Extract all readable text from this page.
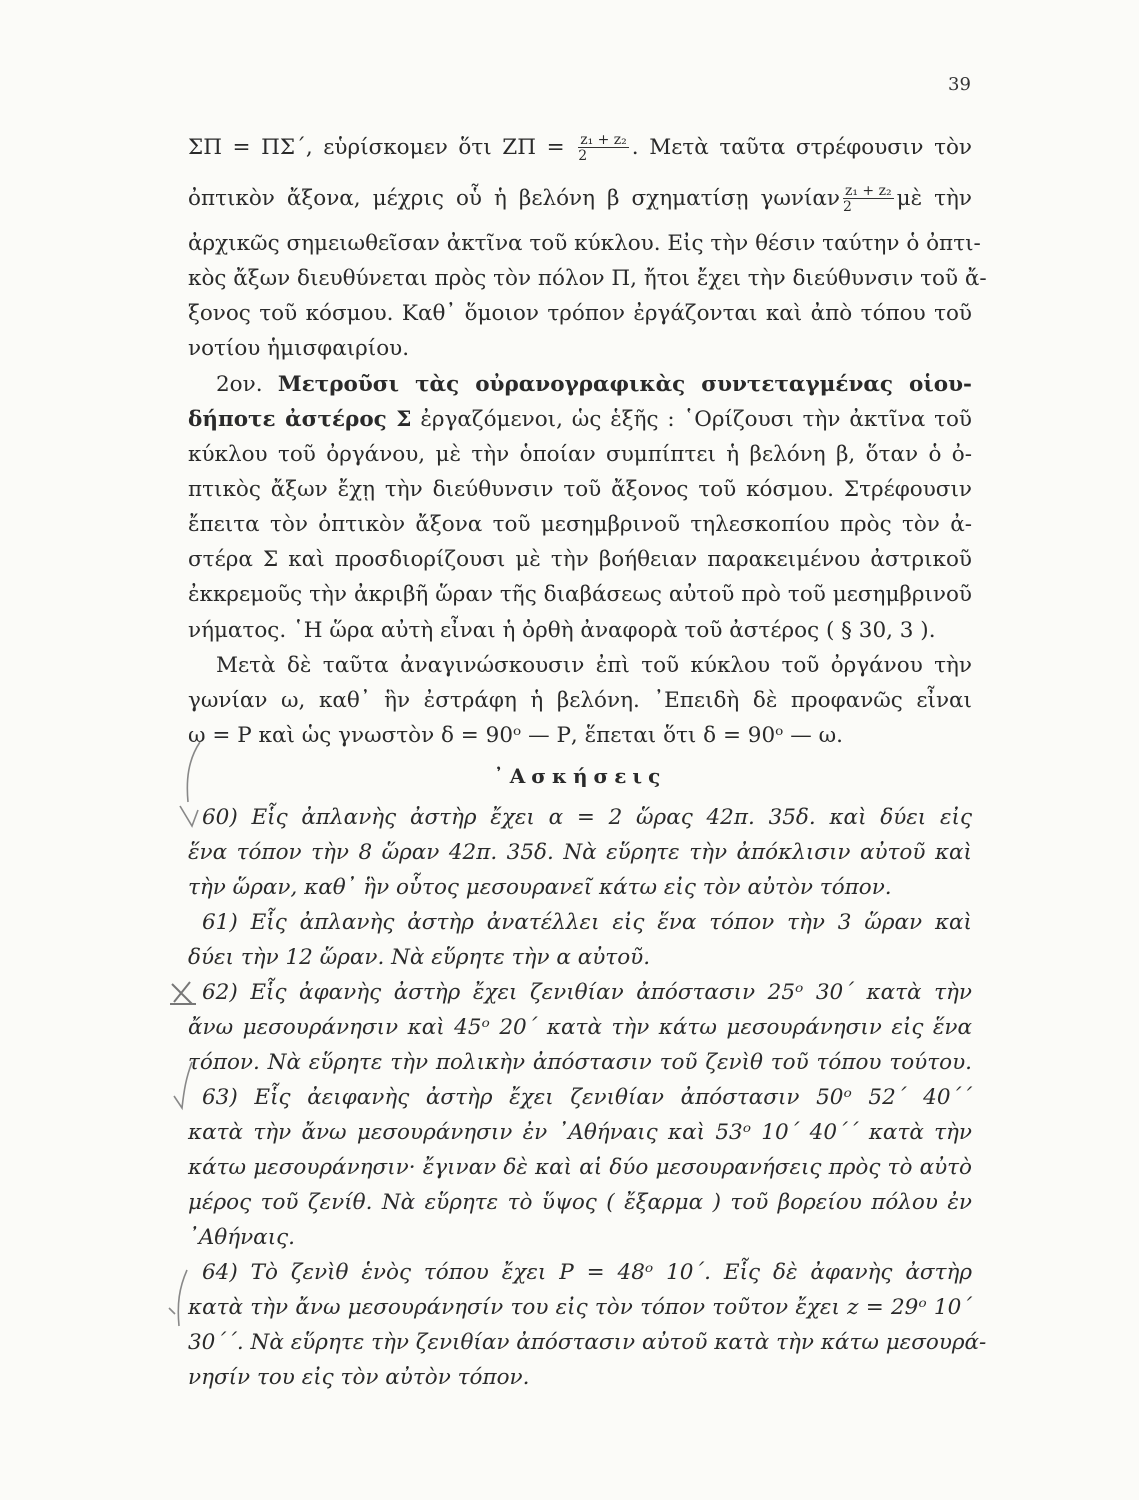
39
ΣΠ = ΠΣ΄, εὑρίσκομεν ὅτι $Z\Pi = \frac{\text{z₁ + z₂}}{2}$ . Μετὰ ταῦτα στρέφουσιν τὸν
ὀπτικὸν ἄξονα, μέχρις οὗ ἡ βελόνη β σχηματίσῃ γωνίαν $\frac{\text{z₁ + z₂}}{2}$ μὲ τὴν
ἀρχικῶς σημειωθεῖσαν ἀκτῖνα τοῦ κύκλου. Εἰς τὴν θέσιν ταύτην ὁ ὀπτι-
κὸς ἄξων διευθύνεται πρὸς τὸν πόλον Π, ἤτοι ἔχει τὴν διεύθυνσιν τοῦ ἄ-
ξονος τοῦ κόσμου. Καθ᾽ ὅμοιον τρόπον ἐργάζονται καὶ ἀπὸ τόπου τοῦ
νοτίου ἡμισφαιρίου.
2ον. Μετροῦσι τὰς οὐρανογραφικὰς συντεταγμένας οἱου-
δήποτε ἀστέρος Σ ἐργαζόμενοι, ὡς ἑξῆς : ῾Ορίζουσι τὴν ἀκτῖνα τοῦ
κύκλου τοῦ ὀργάνου, μὲ τὴν ὁποίαν συμπίπτει ἡ βελόνη β, ὅταν ὁ ὀ-
πτικὸς ἄξων ἔχῃ τὴν διεύθυνσιν τοῦ ἄξονος τοῦ κόσμου. Στρέφουσιν
ἔπειτα τὸν ὀπτικὸν ἄξονα τοῦ μεσημβρινοῦ τηλεσκοπίου πρὸς τὸν ἀ-
στέρα Σ καὶ προσδιορίζουσι μὲ τὴν βοήθειαν παρακειμένου ἀστρικοῦ
ἐκκρεμοῦς τὴν ἀκριβῆ ὥραν τῆς διαβάσεως αὐτοῦ πρὸ τοῦ μεσημβρινοῦ
νήματος. ῾Η ὥρα αὐτὴ εἶναι ἡ ὀρθὴ ἀναφορὰ τοῦ ἀστέρος ( § 30, 3 ).
Μετὰ δὲ ταῦτα ἀναγινώσκουσιν ἐπὶ τοῦ κύκλου τοῦ ὀργάνου τὴν
γωνίαν ω, καθ᾽ ἣν ἐστράφη ἡ βελόνη. ᾽Επειδὴ δὲ προφανῶς εἶναι
ω = Ρ καὶ ὡς γνωστὸν δ = 90ᵒ — Ρ, ἕπεται ὅτι δ = 90ᵒ — ω.
᾽Ασκήσεις
60) Εἷς ἀπλανὴς ἀστὴρ ἔχει α = 2 ὥρας 42π. 35δ. καὶ δύει εἰς
ἕνα τόπον τὴν 8 ὥραν 42π. 35δ. Νὰ εὕρητε τὴν ἀπόκλισιν αὐτοῦ καὶ
τὴν ὥραν, καθ᾽ ἣν οὗτος μεσουρανεῖ κάτω εἰς τὸν αὐτὸν τόπον.
61) Εἷς ἀπλανὴς ἀστὴρ ἀνατέλλει εἰς ἕνα τόπον τὴν 3 ὥραν καὶ
δύει τὴν 12 ὥραν. Νὰ εὕρητε τὴν α αὐτοῦ.
62) Εἷς ἀφανὴς ἀστὴρ ἔχει ζενιθίαν ἀπόστασιν 25ᵒ 30΄ κατὰ τὴν
ἄνω μεσουράνησιν καὶ 45ᵒ 20΄ κατὰ τὴν κάτω μεσουράνησιν εἰς ἕνα
τόπον. Νὰ εὕρητε τὴν πολικὴν ἀπόστασιν τοῦ ζενὶθ τοῦ τόπου τούτου.
63) Εἷς ἀειφανὴς ἀστὴρ ἔχει ζενιθίαν ἀπόστασιν 50ᵒ 52΄ 40΄΄
κατὰ τὴν ἄνω μεσουράνησιν ἐν ᾽Αθήναις καὶ 53ᵒ 10΄ 40΄΄ κατὰ τὴν
κάτω μεσουράνησιν· ἔγιναν δὲ καὶ αἱ δύο μεσουρανήσεις πρὸς τὸ αὐτὸ
μέρος τοῦ ζενίθ. Νὰ εὕρητε τὸ ὕψος ( ἔξαρμα ) τοῦ βορείου πόλου ἐν
᾽Αθήναις.
64) Τὸ ζενὶθ ἑνὸς τόπου ἔχει Ρ = 48ᵒ 10΄. Εἷς δὲ ἀφανὴς ἀστὴρ
κατὰ τὴν ἄνω μεσουράνησίν του εἰς τὸν τόπον τοῦτον ἔχει z = 29ᵒ 10΄
30΄΄. Νὰ εὕρητε τὴν ζενιθίαν ἀπόστασιν αὐτοῦ κατὰ τὴν κάτω μεσουρά-
νησίν του εἰς τὸν αὐτὸν τόπον.
